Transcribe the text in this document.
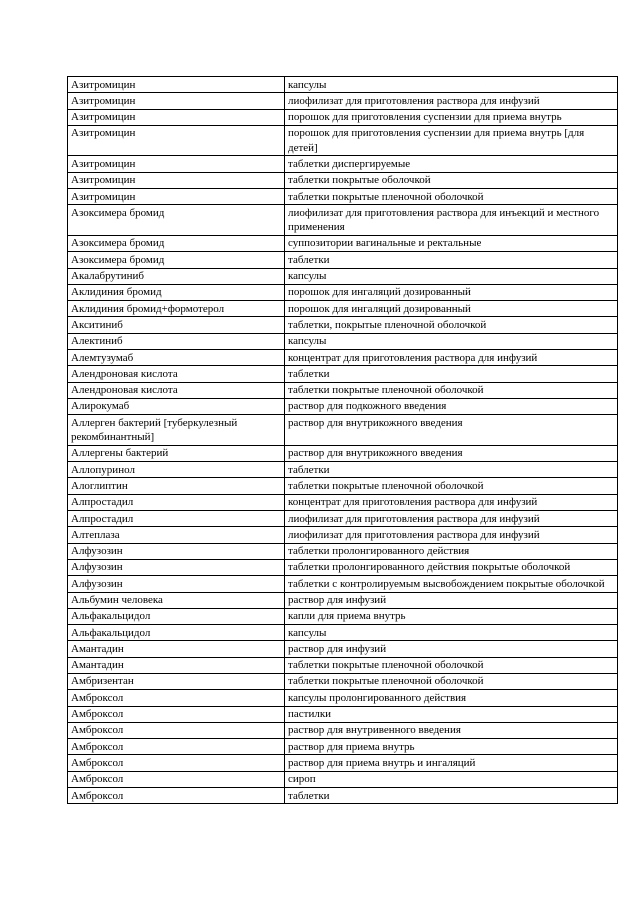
Азитромицин	капсулы
Азитромицин	лиофилизат для приготовления раствора для инфузий
Азитромицин	порошок для приготовления суспензии для приема внутрь
Азитромицин	порошок для приготовления суспензии для приема внутрь [для детей]
Азитромицин	таблетки диспергируемые
Азитромицин	таблетки покрытые оболочкой
Азитромицин	таблетки покрытые пленочной оболочкой
Азоксимера бромид	лиофилизат для приготовления раствора для инъекций и местного применения
Азоксимера бромид	суппозитории вагинальные и ректальные
Азоксимера бромид	таблетки
Акалабрутиниб	капсулы
Аклидиния бромид	порошок для ингаляций дозированный
Аклидиния бромид+формотерол	порошок для ингаляций дозированный
Акситиниб	таблетки, покрытые пленочной оболочкой
Алектиниб	капсулы
Алемтузумаб	концентрат для приготовления раствора для инфузий
Алендроновая кислота	таблетки
Алендроновая кислота	таблетки покрытые пленочной оболочкой
Алирокумаб	раствор для подкожного введения
Аллерген бактерий [туберкулезный рекомбинантный]	раствор для внутрикожного введения
Аллергены бактерий	раствор для внутрикожного введения
Аллопуринол	таблетки
Алоглиптин	таблетки покрытые пленочной оболочкой
Алпростадил	концентрат для приготовления раствора для инфузий
Алпростадил	лиофилизат для приготовления раствора для инфузий
Алтеплаза	лиофилизат для приготовления раствора для инфузий
Алфузозин	таблетки пролонгированного действия
Алфузозин	таблетки пролонгированного действия покрытые оболочкой
Алфузозин	таблетки с контролируемым высвобождением покрытые оболочкой
Альбумин человека	раствор для инфузий
Альфакальцидол	капли для приема внутрь
Альфакальцидол	капсулы
Амантадин	раствор для инфузий
Амантадин	таблетки покрытые пленочной оболочкой
Амбризентан	таблетки покрытые пленочной оболочкой
Амброксол	капсулы пролонгированного действия
Амброксол	пастилки
Амброксол	раствор для внутривенного введения
Амброксол	раствор для приема внутрь
Амброксол	раствор для приема внутрь и ингаляций
Амброксол	сироп
Амброксол	таблетки
